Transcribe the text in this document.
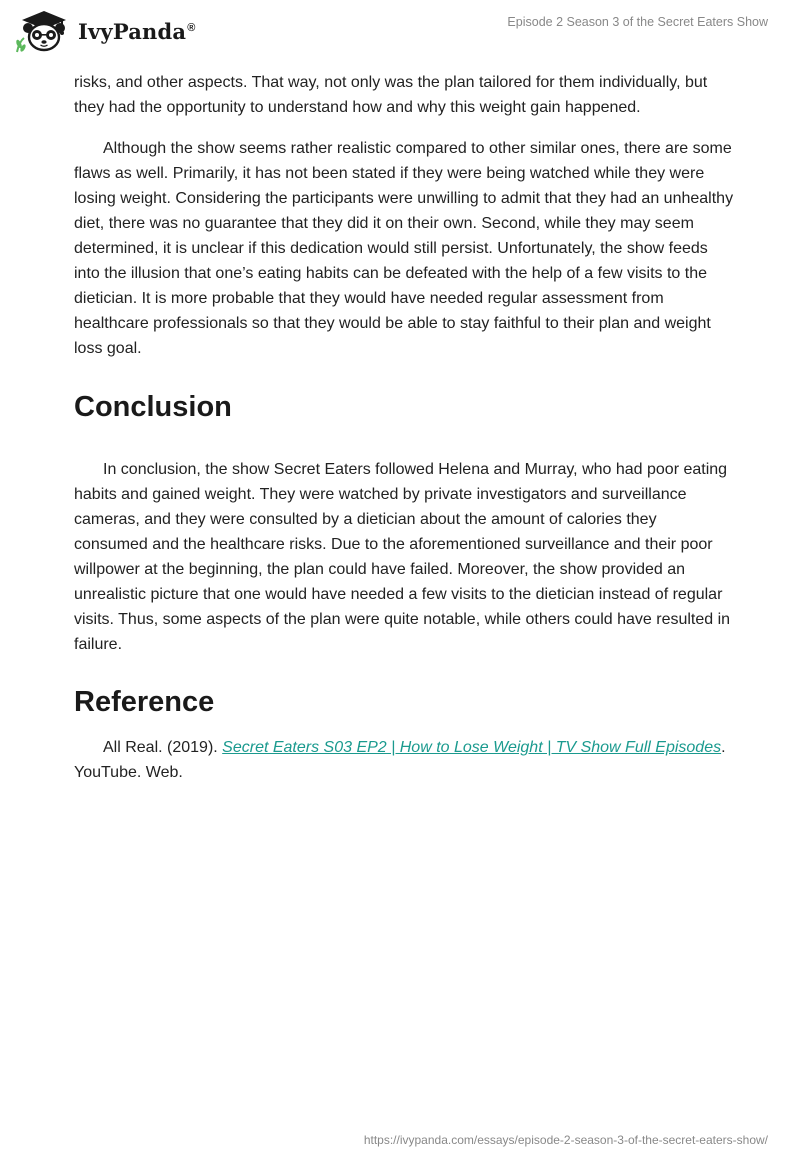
IvyPanda®	Episode 2 Season 3 of the Secret Eaters Show

risks, and other aspects. That way, not only was the plan tailored for them individually, but they had the opportunity to understand how and why this weight gain happened.

Although the show seems rather realistic compared to other similar ones, there are some flaws as well. Primarily, it has not been stated if they were being watched while they were losing weight. Considering the participants were unwilling to admit that they had an unhealthy diet, there was no guarantee that they did it on their own. Second, while they may seem determined, it is unclear if this dedication would still persist. Unfortunately, the show feeds into the illusion that one’s eating habits can be defeated with the help of a few visits to the dietician. It is more probable that they would have needed regular assessment from healthcare professionals so that they would be able to stay faithful to their plan and weight loss goal.

Conclusion

In conclusion, the show Secret Eaters followed Helena and Murray, who had poor eating habits and gained weight. They were watched by private investigators and surveillance cameras, and they were consulted by a dietician about the amount of calories they consumed and the healthcare risks. Due to the aforementioned surveillance and their poor willpower at the beginning, the plan could have failed. Moreover, the show provided an unrealistic picture that one would have needed a few visits to the dietician instead of regular visits. Thus, some aspects of the plan were quite notable, while others could have resulted in failure.

Reference

All Real. (2019). Secret Eaters S03 EP2 | How to Lose Weight | TV Show Full Episodes. YouTube. Web.

https://ivypanda.com/essays/episode-2-season-3-of-the-secret-eaters-show/
